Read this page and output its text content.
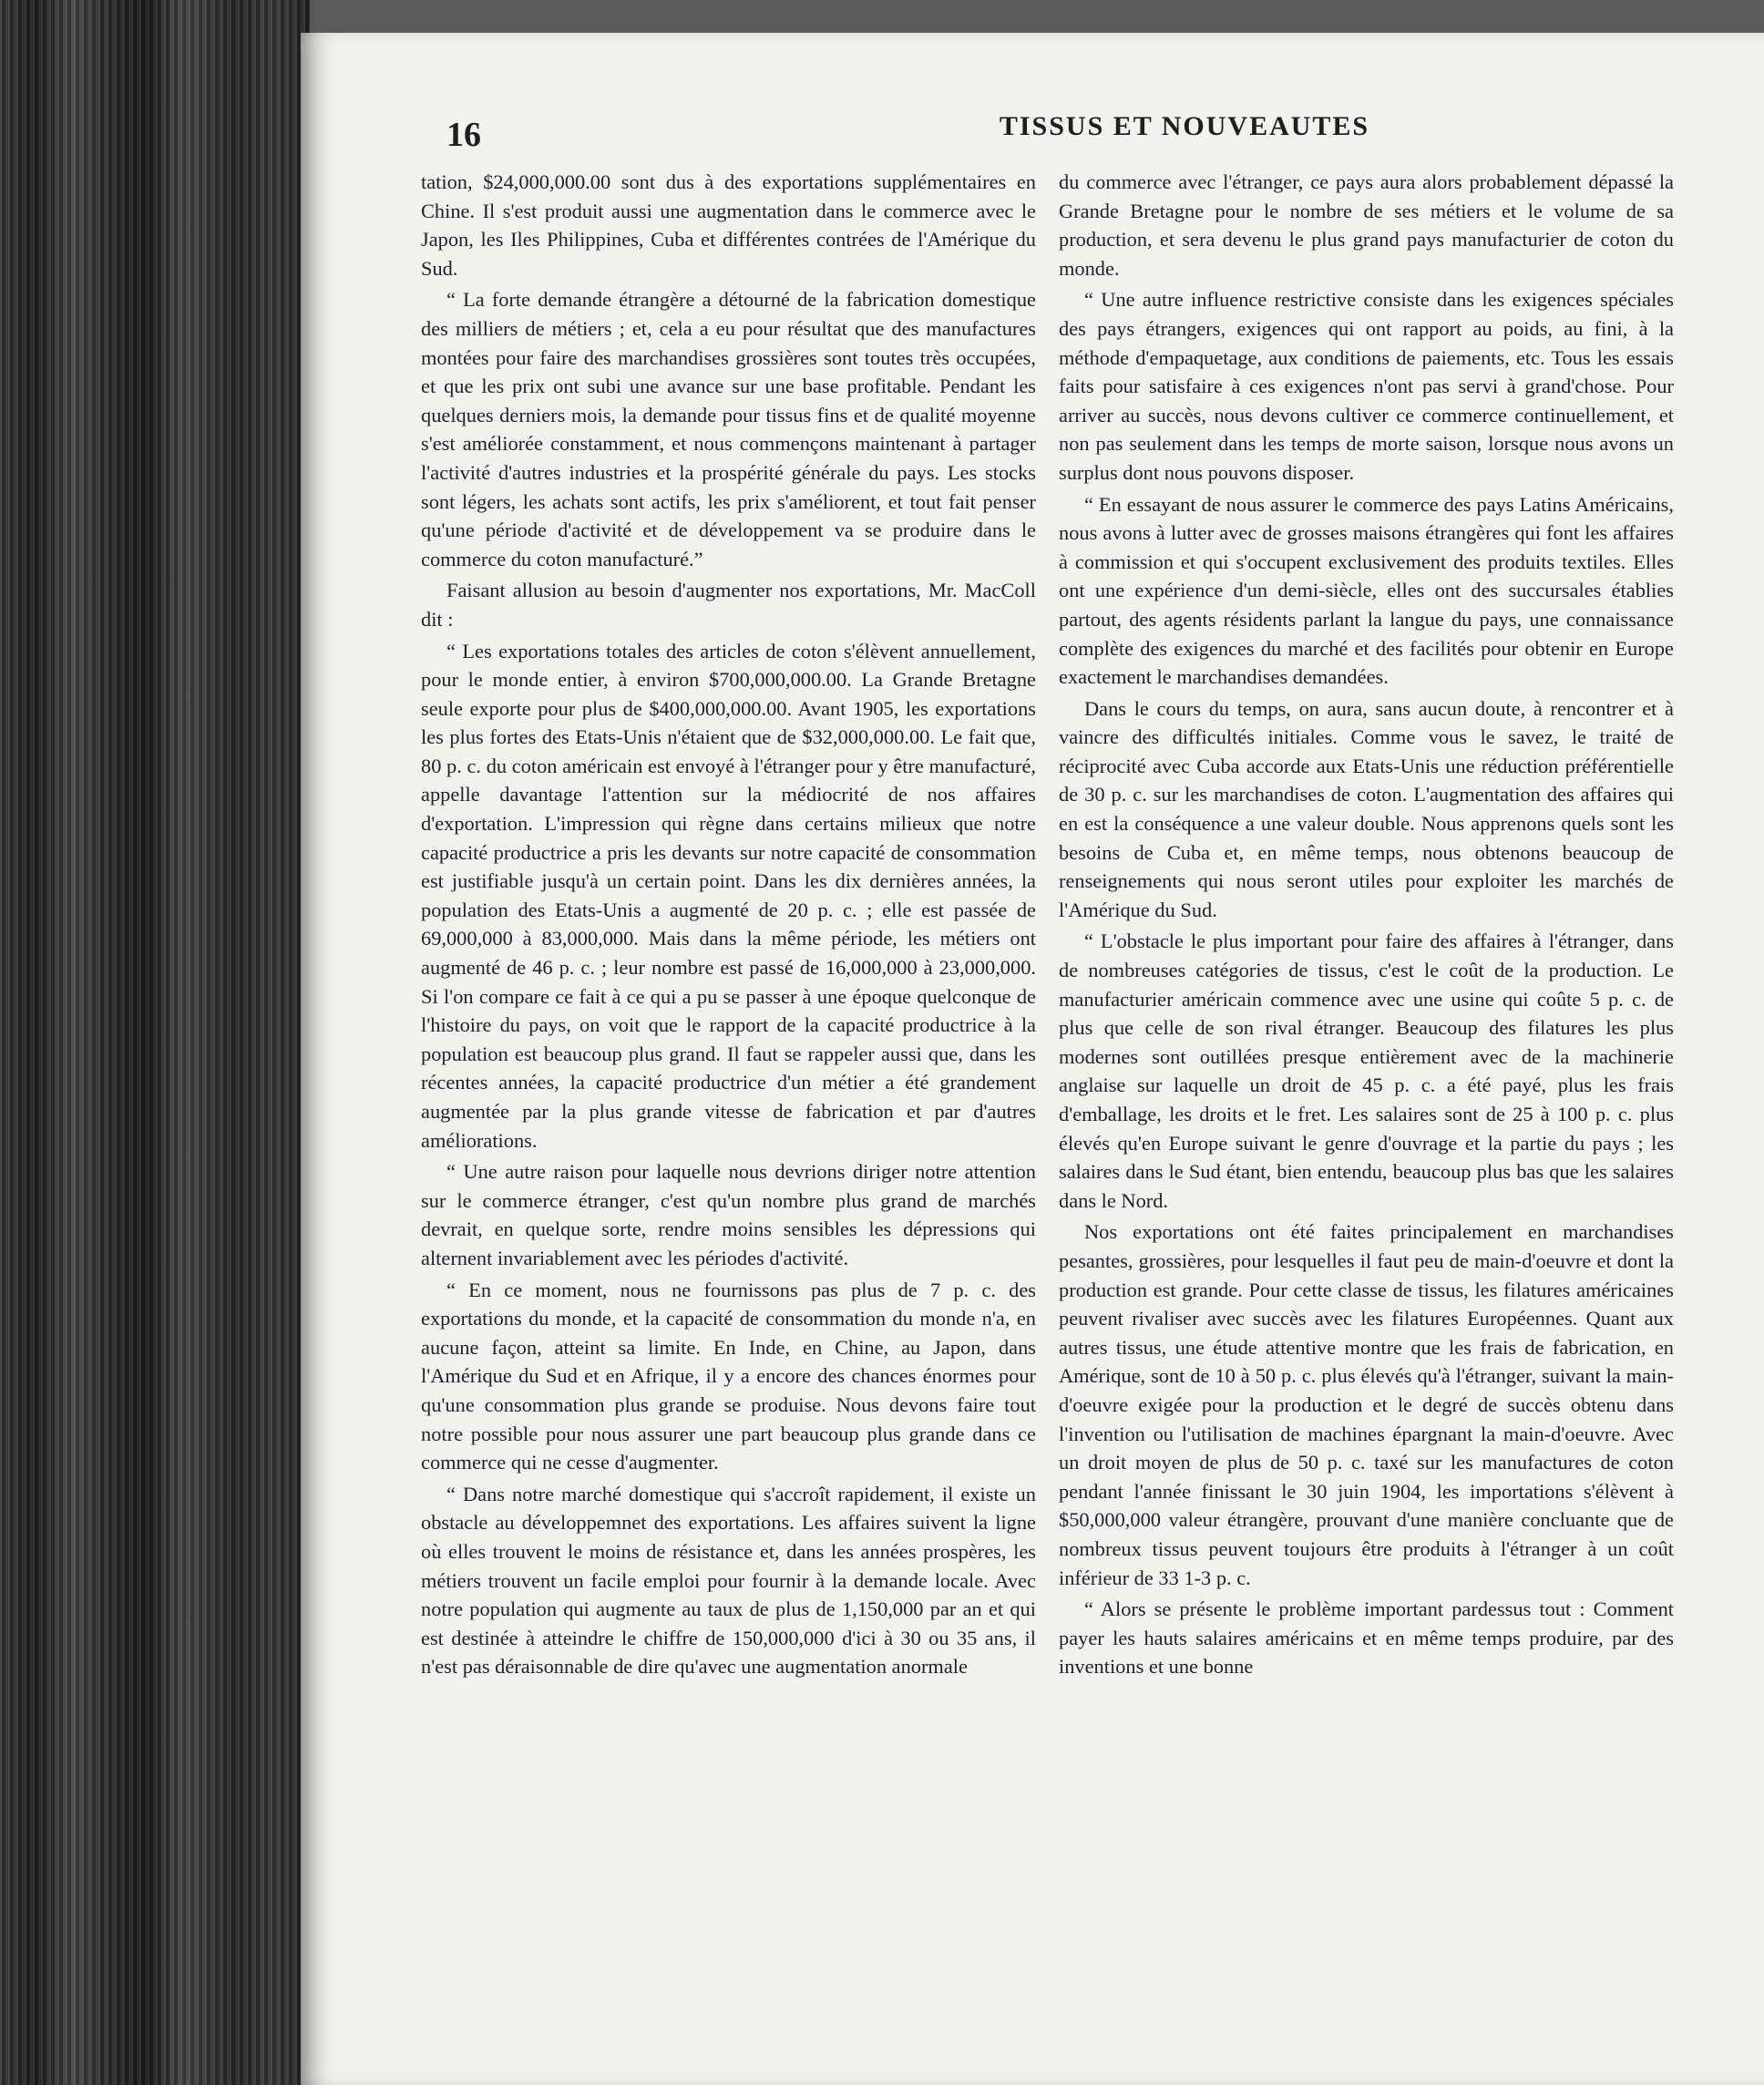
16	TISSUS ET NOUVEAUTES

tation, $24,000,000.00 sont dus à des exportations supplémentaires en Chine. Il s'est produit aussi une augmentation dans le commerce avec le Japon, les Iles Philippines, Cuba et différentes contrées de l'Amérique du Sud.

“ La forte demande étrangère a détourné de la fabrication domestique des milliers de métiers ; et, cela a eu pour résultat que des manufactures montées pour faire des marchandises grossières sont toutes très occupées, et que les prix ont subi une avance sur une base profitable. Pendant les quelques derniers mois, la demande pour tissus fins et de qualité moyenne s'est améliorée constamment, et nous commençons maintenant à partager l'activité d'autres industries et la prospérité générale du pays. Les stocks sont légers, les achats sont actifs, les prix s'améliorent, et tout fait penser qu'une période d'activité et de développement va se produire dans le commerce du coton manufacturé.”

Faisant allusion au besoin d'augmenter nos exportations, Mr. MacColl dit :

“ Les exportations totales des articles de coton s'élèvent annuellement, pour le monde entier, à environ $700,000,000.00. La Grande Bretagne seule exporte pour plus de $400,000,000.00. Avant 1905, les exportations les plus fortes des Etats-Unis n'étaient que de $32,000,000.00. Le fait que, 80 p. c. du coton américain est envoyé à l'étranger pour y être manufacturé, appelle davantage l'attention sur la médiocrité de nos affaires d'exportation. L'impression qui règne dans certains milieux que notre capacité productrice a pris les devants sur notre capacité de consommation est justifiable jusqu'à un certain point. Dans les dix dernières années, la population des Etats-Unis a augmenté de 20 p. c. ; elle est passée de 69,000,000 à 83,000,000. Mais dans la même période, les métiers ont augmenté de 46 p. c. ; leur nombre est passé de 16,000,000 à 23,000,000. Si l'on compare ce fait à ce qui a pu se passer à une époque quelconque de l'histoire du pays, on voit que le rapport de la capacité productrice à la population est beaucoup plus grand. Il faut se rappeler aussi que, dans les récentes années, la capacité productrice d'un métier a été grandement augmentée par la plus grande vitesse de fabrication et par d'autres améliorations.

“ Une autre raison pour laquelle nous devrions diriger notre attention sur le commerce étranger, c'est qu'un nombre plus grand de marchés devrait, en quelque sorte, rendre moins sensibles les dépressions qui alternent invariablement avec les périodes d'activité.

“ En ce moment, nous ne fournissons pas plus de 7 p. c. des exportations du monde, et la capacité de consommation du monde n'a, en aucune façon, atteint sa limite. En Inde, en Chine, au Japon, dans l'Amérique du Sud et en Afrique, il y a encore des chances énormes pour qu'une consommation plus grande se produise. Nous devons faire tout notre possible pour nous assurer une part beaucoup plus grande dans ce commerce qui ne cesse d'augmenter.

“ Dans notre marché domestique qui s'accroît rapidement, il existe un obstacle au développemnet des exportations. Les affaires suivent la ligne où elles trouvent le moins de résistance et, dans les années prospères, les métiers trouvent un facile emploi pour fournir à la demande locale. Avec notre population qui augmente au taux de plus de 1,150,000 par an et qui est destinée à atteindre le chiffre de 150,000,000 d'ici à 30 ou 35 ans, il n'est pas déraisonnable de dire qu'avec une augmentation anormale

du commerce avec l'étranger, ce pays aura alors probablement dépassé la Grande Bretagne pour le nombre de ses métiers et le volume de sa production, et sera devenu le plus grand pays manufacturier de coton du monde.

“ Une autre influence restrictive consiste dans les exigences spéciales des pays étrangers, exigences qui ont rapport au poids, au fini, à la méthode d'empaquetage, aux conditions de paiements, etc. Tous les essais faits pour satisfaire à ces exigences n'ont pas servi à grand'chose. Pour arriver au succès, nous devons cultiver ce commerce continuellement, et non pas seulement dans les temps de morte saison, lorsque nous avons un surplus dont nous pouvons disposer.

“ En essayant de nous assurer le commerce des pays Latins Américains, nous avons à lutter avec de grosses maisons étrangères qui font les affaires à commission et qui s'occupent exclusivement des produits textiles. Elles ont une expérience d'un demi-siècle, elles ont des succursales établies partout, des agents résidents parlant la langue du pays, une connaissance complète des exigences du marché et des facilités pour obtenir en Europe exactement le marchandises demandées.

Dans le cours du temps, on aura, sans aucun doute, à rencontrer et à vaincre des difficultés initiales. Comme vous le savez, le traité de réciprocité avec Cuba accorde aux Etats-Unis une réduction préférentielle de 30 p. c. sur les marchandises de coton. L'augmentation des affaires qui en est la conséquence a une valeur double. Nous apprenons quels sont les besoins de Cuba et, en même temps, nous obtenons beaucoup de renseignements qui nous seront utiles pour exploiter les marchés de l'Amérique du Sud.

“ L'obstacle le plus important pour faire des affaires à l'étranger, dans de nombreuses catégories de tissus, c'est le coût de la production. Le manufacturier américain commence avec une usine qui coûte 5 p. c. de plus que celle de son rival étranger. Beaucoup des filatures les plus modernes sont outillées presque entièrement avec de la machinerie anglaise sur laquelle un droit de 45 p. c. a été payé, plus les frais d'emballage, les droits et le fret. Les salaires sont de 25 à 100 p. c. plus élevés qu'en Europe suivant le genre d'ouvrage et la partie du pays ; les salaires dans le Sud étant, bien entendu, beaucoup plus bas que les salaires dans le Nord.

Nos exportations ont été faites principalement en marchandises pesantes, grossières, pour lesquelles il faut peu de main-d'oeuvre et dont la production est grande. Pour cette classe de tissus, les filatures américaines peuvent rivaliser avec succès avec les filatures Européennes. Quant aux autres tissus, une étude attentive montre que les frais de fabrication, en Amérique, sont de 10 à 50 p. c. plus élevés qu'à l'étranger, suivant la main-d'oeuvre exigée pour la production et le degré de succès obtenu dans l'invention ou l'utilisation de machines épargnant la main-d'oeuvre. Avec un droit moyen de plus de 50 p. c. taxé sur les manufactures de coton pendant l'année finissant le 30 juin 1904, les importations s'élèvent à $50,000,000 valeur étrangère, prouvant d'une manière concluante que de nombreux tissus peuvent toujours être produits à l'étranger à un coût inférieur de 33 1-3 p. c.

“ Alors se présente le problème important pardessus tout : Comment payer les hauts salaires américains et en même temps produire, par des inventions et une bonne
